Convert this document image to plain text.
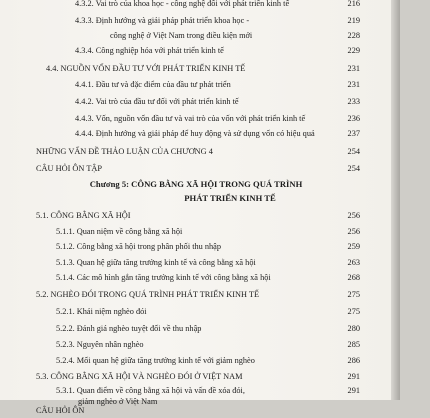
4.3.2. Vai trò của khoa học - công nghệ đối với phát triển kinh tế	216
4.3.3. Định hướng và giải pháp phát triển khoa học -	219
công nghệ ở Việt Nam trong điều kiện mới	228
4.3.4. Công nghiệp hóa với phát triển kinh tế	229
4.4. NGUỒN VỐN ĐẦU TƯ VỚI PHÁT TRIỂN KINH TẾ	231
4.4.1. Đầu tư và đặc điểm của đầu tư phát triển	231
4.4.2. Vai trò của đầu tư đối với phát triển kinh tế	233
4.4.3. Vốn, nguồn vốn đầu tư và vai trò của vốn với phát triển kinh tế	236
4.4.4. Định hướng và giải pháp để huy động và sử dụng vốn có hiệu quả	237
NHỮNG VẤN ĐỀ THẢO LUẬN CỦA CHƯƠNG 4	254
CÂU HỎI ÔN TẬP	254
Chương 5: CÔNG BẰNG XÃ HỘI TRONG QUÁ TRÌNH
PHÁT TRIỂN KINH TẾ
5.1. CÔNG BẰNG XÃ HỘI	256
5.1.1. Quan niệm về công bằng xã hội	256
5.1.2. Công bằng xã hội trong phân phối thu nhập	259
5.1.3. Quan hệ giữa tăng trưởng kinh tế và công bằng xã hội	263
5.1.4. Các mô hình gắn tăng trưởng kinh tế với công bằng xã hội	268
5.2. NGHÈO ĐÓI TRONG QUÁ TRÌNH PHÁT TRIỂN KINH TẾ	275
5.2.1. Khái niệm nghèo đói	275
5.2.2. Đánh giá nghèo tuyệt đối về thu nhập	280
5.2.3. Nguyên nhân nghèo	285
5.2.4. Mối quan hệ giữa tăng trưởng kinh tế với giảm nghèo	286
5.3. CÔNG BẰNG XÃ HỘI VÀ NGHÈO ĐÓI Ở VIỆT NAM	291
5.3.1. Quan điểm về công bằng xã hội và vấn đề xóa đói,	291
giảm nghèo ở Việt Nam
CÂU HỎI ÔN
